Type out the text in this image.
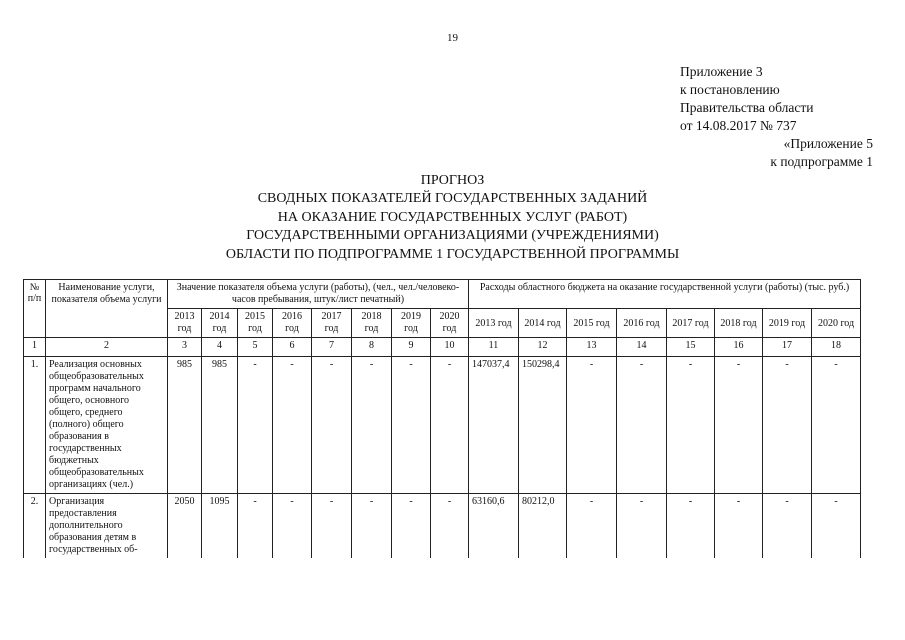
19
Приложение 3
к постановлению
Правительства области
от 14.08.2017 № 737
«Приложение 5
к подпрограмме 1
ПРОГНОЗ
СВОДНЫХ ПОКАЗАТЕЛЕЙ ГОСУДАРСТВЕННЫХ ЗАДАНИЙ
НА ОКАЗАНИЕ ГОСУДАРСТВЕННЫХ УСЛУГ (РАБОТ)
ГОСУДАРСТВЕННЫМИ ОРГАНИЗАЦИЯМИ (УЧРЕЖДЕНИЯМИ)
ОБЛАСТИ ПО ПОДПРОГРАММЕ 1 ГОСУДАРСТВЕННОЙ ПРОГРАММЫ
№ п/п	Наименование услуги, показателя объема услуги	Значение показателя объема услуги (работы), (чел., чел./человеко-часов пребывания, штук/лист печатный)								Расходы областного бюджета на оказание государственной услуги (работы) (тыс. руб.)							
		2013 год	2014 год	2015 год	2016 год	2017 год	2018 год	2019 год	2020 год	2013 год	2014 год	2015 год	2016 год	2017 год	2018 год	2019 год	2020 год
1	2	3	4	5	6	7	8	9	10	11	12	13	14	15	16	17	18
1.	Реализация основных общеобразовательных программ начального общего, основного общего, среднего (полного) общего образования в государственных бюджетных общеобразовательных организациях (чел.)	985	985	-	-	-	-	-	-	147037,4	150298,4	-	-	-	-	-	-
2.	Организация предоставления дополнительного образования детям в государственных об-	2050	1095	-	-	-	-	-	-	63160,6	80212,0	-	-	-	-	-	-
